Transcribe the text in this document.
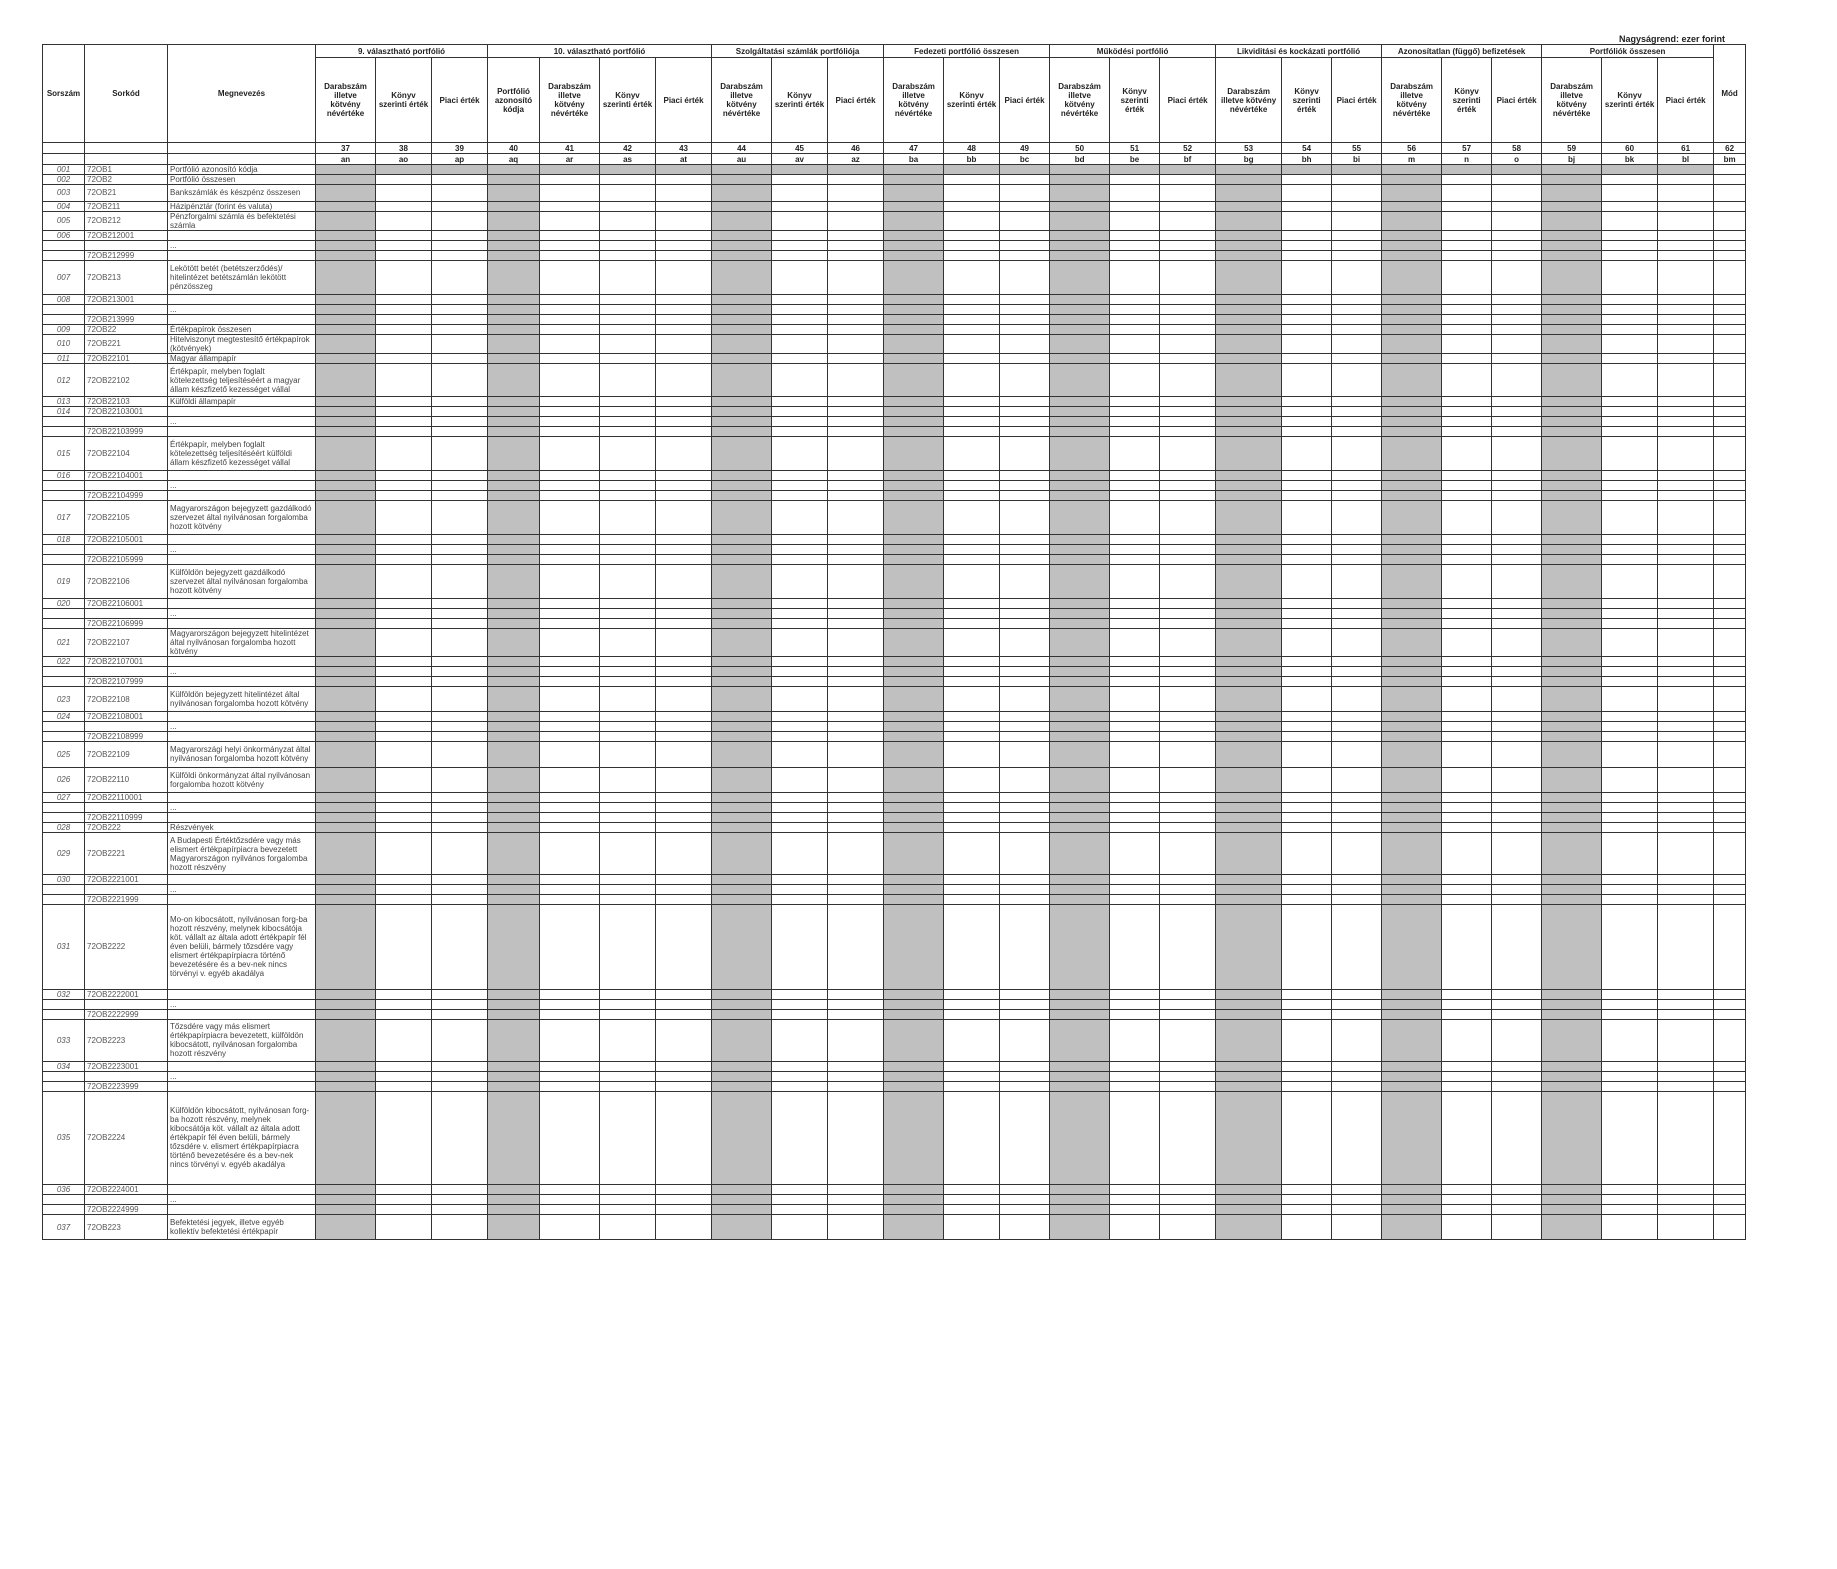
Nagyságrend: ezer forint
Sorszám	Sorkód	Megnevezés	9. választható portfólió			10. választható portfólió				Szolgáltatási számlák portfóliója			Fedezeti portfólió összesen			Működési portfólió			Likviditási és kockázati portfólió			Azonosítatlan (függő) befizetések			Portfóliók összesen			Mód
			Darabszám illetve kötvény névértéke	Könyv szerinti érték	Piaci érték	Portfólió azonosító kódja	Darabszám illetve kötvény névértéke	Könyv szerinti érték	Piaci érték	Darabszám illetve kötvény névértéke	Könyv szerinti érték	Piaci érték	Darabszám illetve kötvény névértéke	Könyv szerinti érték	Piaci érték	Darabszám illetve kötvény névértéke	Könyv szerinti érték	Piaci érték	Darabszám illetve kötvény névértéke	Könyv szerinti érték	Piaci érték	Darabszám illetve kötvény névértéke	Könyv szerinti érték	Piaci érték	Darabszám illetve kötvény névértéke	Könyv szerinti érték	Piaci érték	
			37	38	39	40	41	42	43	44	45	46	47	48	49	50	51	52	53	54	55	56	57	58	59	60	61	62
			an	ao	ap	aq	ar	as	at	au	av	az	ba	bb	bc	bd	be	bf	bg	bh	bi	m	n	o	bj	bk	bl	bm
001	72OB1	Portfólió azonosító kódja																										
002	72OB2	Portfólió összesen																										
003	72OB21	Bankszámlák és készpénz összesen																										
004	72OB211	Házipénztár (forint és valuta)																										
005	72OB212	Pénzforgalmi számla és befektetési számla																										
006	72OB212001																											
		...																										
	72OB212999																											
007	72OB213	Lekötött betét (betétszerződés)/ hitelintézet betétszámlán lekötött pénzösszeg																										
008	72OB213001																											
		...																										
	72OB213999																											
009	72OB22	Értékpapírok összesen																										
010	72OB221	Hitelviszonyt megtestesítő értékpapírok (kötvények)																										
011	72OB22101	Magyar állampapír																										
012	72OB22102	Értékpapír, melyben foglalt kötelezettség teljesítéséért a magyar állam készfizető kezességet vállal																										
013	72OB22103	Külföldi állampapír																										
014	72OB22103001																											
		...																										
	72OB22103999																											
015	72OB22104	Értékpapír, melyben foglalt kötelezettség teljesítéséért külföldi állam készfizető kezességet vállal																										
016	72OB22104001																											
		...																										
	72OB22104999																											
017	72OB22105	Magyarországon bejegyzett gazdálkodó szervezet által nyilvánosan forgalomba hozott kötvény																										
018	72OB22105001																											
		...																										
	72OB22105999																											
019	72OB22106	Külföldön bejegyzett gazdálkodó szervezet által nyilvánosan forgalomba hozott kötvény																										
020	72OB22106001																											
		...																										
	72OB22106999																											
021	72OB22107	Magyarországon bejegyzett hitelintézet által nyilvánosan forgalomba hozott kötvény																										
022	72OB22107001																											
		...																										
	72OB22107999																											
023	72OB22108	Külföldön bejegyzett hitelintézet által nyilvánosan forgalomba hozott kötvény																										
024	72OB22108001																											
		...																										
	72OB22108999																											
025	72OB22109	Magyarországi helyi önkormányzat által nyilvánosan forgalomba hozott kötvény																										
026	72OB22110	Külföldi önkormányzat által nyilvánosan forgalomba hozott kötvény																										
027	72OB22110001																											
		...																										
	72OB22110999																											
028	72OB222	Részvények																										
029	72OB2221	A Budapesti Értéktőzsdére vagy más elismert értékpapírpiacra bevezetett Magyarországon nyilvános forgalomba hozott részvény																										
030	72OB2221001																											
		...																										
	72OB2221999																											
031	72OB2222	Mo-on kibocsátott, nyilvánosan forg-ba hozott részvény, melynek kibocsátója köt. vállalt az általa adott értékpapír fél éven belüli, bármely tőzsdére vagy elismert értékpapírpiacra történő bevezetésére és a bev-nek nincs törvényi v. egyéb akadálya																										
032	72OB2222001																											
		...																										
	72OB2222999																											
033	72OB2223	Tőzsdére vagy más elismert értékpapírpiacra bevezetett, külföldön kibocsátott, nyilvánosan forgalomba hozott részvény																										
034	72OB2223001																											
		...																										
	72OB2223999																											
035	72OB2224	Külföldön kibocsátott, nyilvánosan forg-ba hozott részvény, melynek kibocsátója köt. vállalt az általa adott értékpapír fél éven belüli, bármely tőzsdére v. elismert értékpapírpiacra történő bevezetésére és a bev-nek nincs törvényi v. egyéb akadálya																										
036	72OB2224001																											
		...																										
	72OB2224999																											
037	72OB223	Befektetési jegyek, illetve egyéb kollektív befektetési értékpapír																										
